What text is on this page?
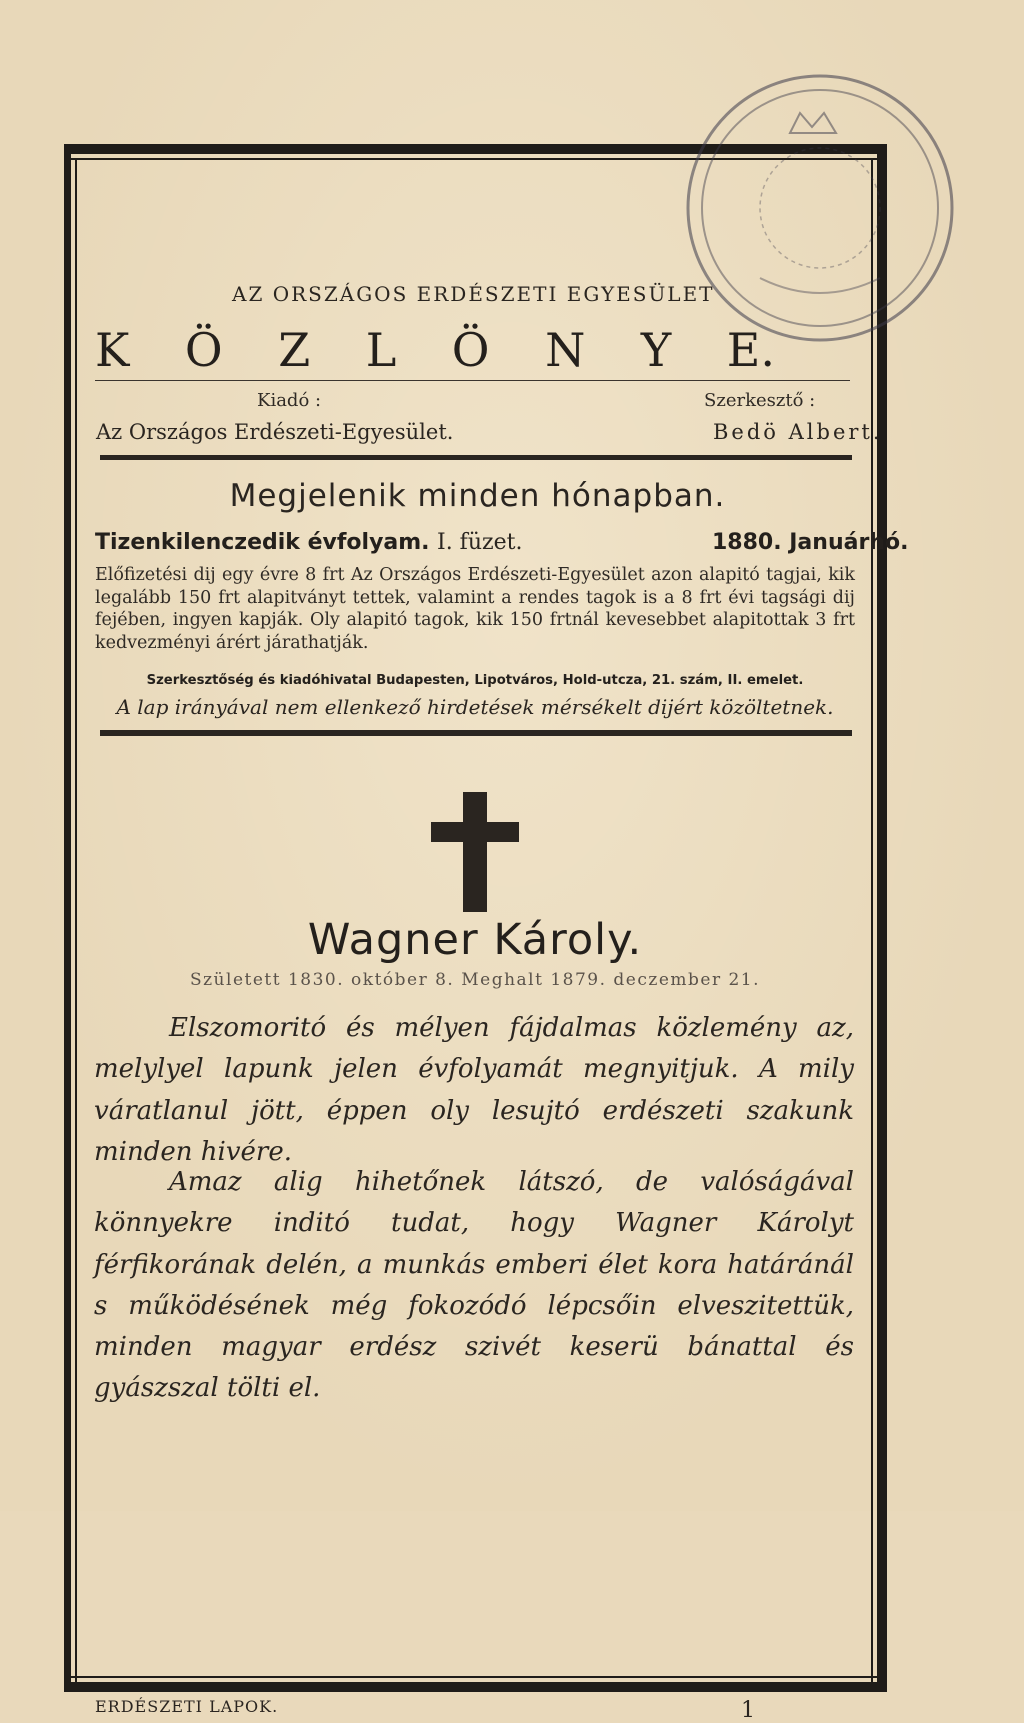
AZ ORSZÁGOS ERDÉSZETI EGYESÜLET
K Ö Z L Ö N Y E.
Kiadó :
Az Országos Erdészeti-Egyesület.
Szerkesztő :
Bedö Albert.
Megjelenik minden hónapban.
Tizenkilenczedik évfolyam. I. füzet.	1880. Januárhó.
Előfizetési dij egy évre 8 frt Az Országos Erdészeti-Egyesület azon alapitó tagjai, kik legalább 150 frt alapitványt tettek, valamint a rendes tagok is a 8 frt évi tagsági dij fejében, ingyen kapják. Oly alapitó tagok, kik 150 frtnál kevesebbet alapitottak 3 frt kedvezményi árért járathatják.
Szerkesztőség és kiadóhivatal Budapesten, Lipotváros, Hold-utcza, 21. szám, II. emelet.
A lap irányával nem ellenkező hirdetések mérsékelt dijért közöltetnek.
Wagner Károly.
Született 1830. október 8. Meghalt 1879. deczember 21.
Elszomoritó és mélyen fájdalmas közlemény az, melylyel lapunk jelen évfolyamát megnyitjuk. A mily váratlanul jött, éppen oly lesujtó erdészeti szakunk minden hivére.
Amaz alig hihetőnek látszó, de valóságával könnyekre inditó tudat, hogy Wagner Károlyt férfikorának delén, a munkás emberi élet kora határánál s működésének még fokozódó lépcsőin elveszitettük, minden magyar erdész szivét keserü bánattal és gyászszal tölti el.
ERDÉSZETI LAPOK.	1
